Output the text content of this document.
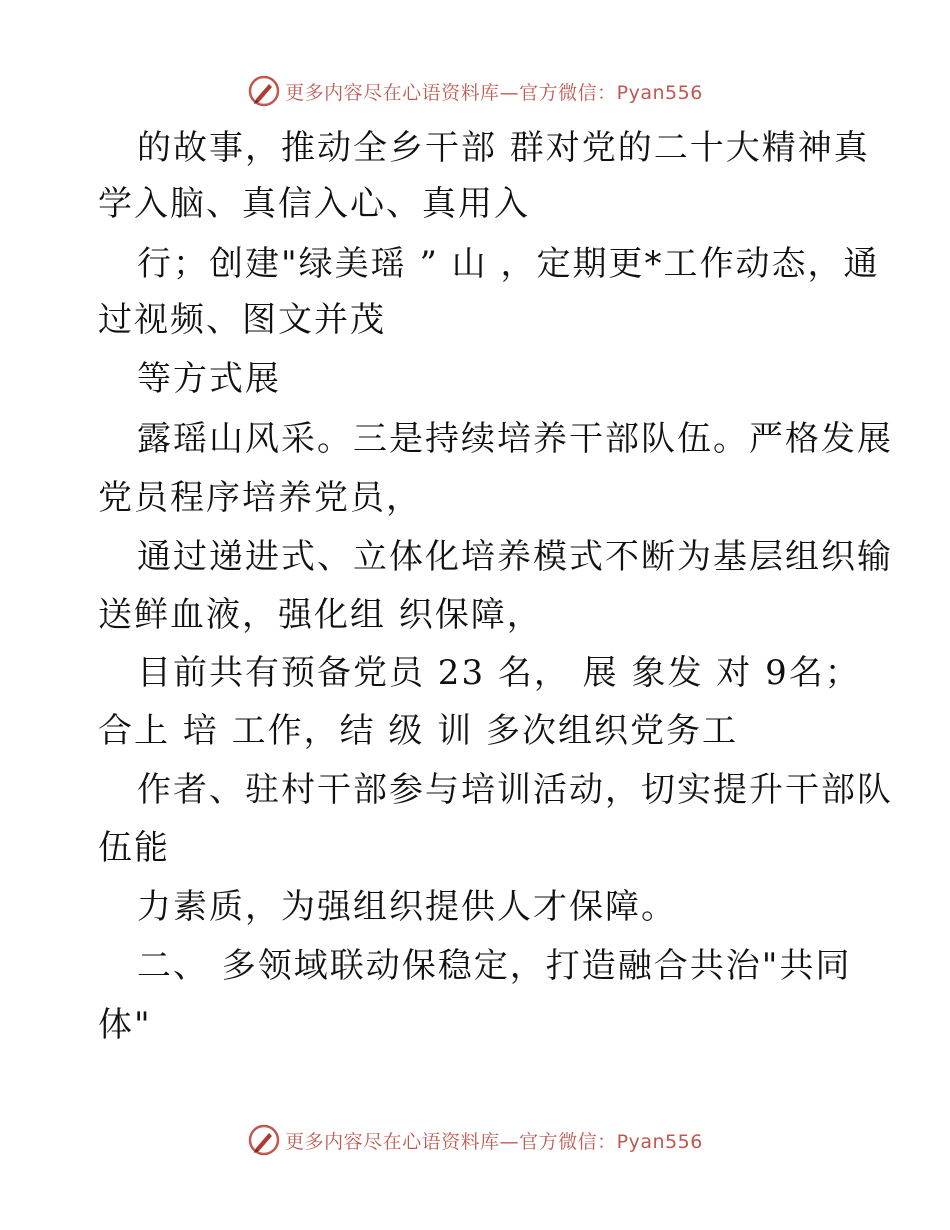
更多内容尽在心语资料库—官方微信：Pyan556
的故事，推动全乡干部 群对党的二十大精神真
学入脑、真信入心、真用入
行；创建"绿美瑶 ” 山 ，定期更*工作动态，通
过视频、图文并茂
等方式展
露瑶山风采。三是持续培养干部队伍。严格发展
党员程序培养党员，
通过递进式、立体化培养模式不断为基层组织输
送鲜血液，强化组 织保障，
目前共有预备党员 23 名， 展 象发 对 9名；
合上 培 工作，结 级 训 多次组织党务工
作者、驻村干部参与培训活动，切实提升干部队
伍能
力素质，为强组织提供人才保障。
二、 多领域联动保稳定，打造融合共治"共同
体"
更多内容尽在心语资料库—官方微信：Pyan556
